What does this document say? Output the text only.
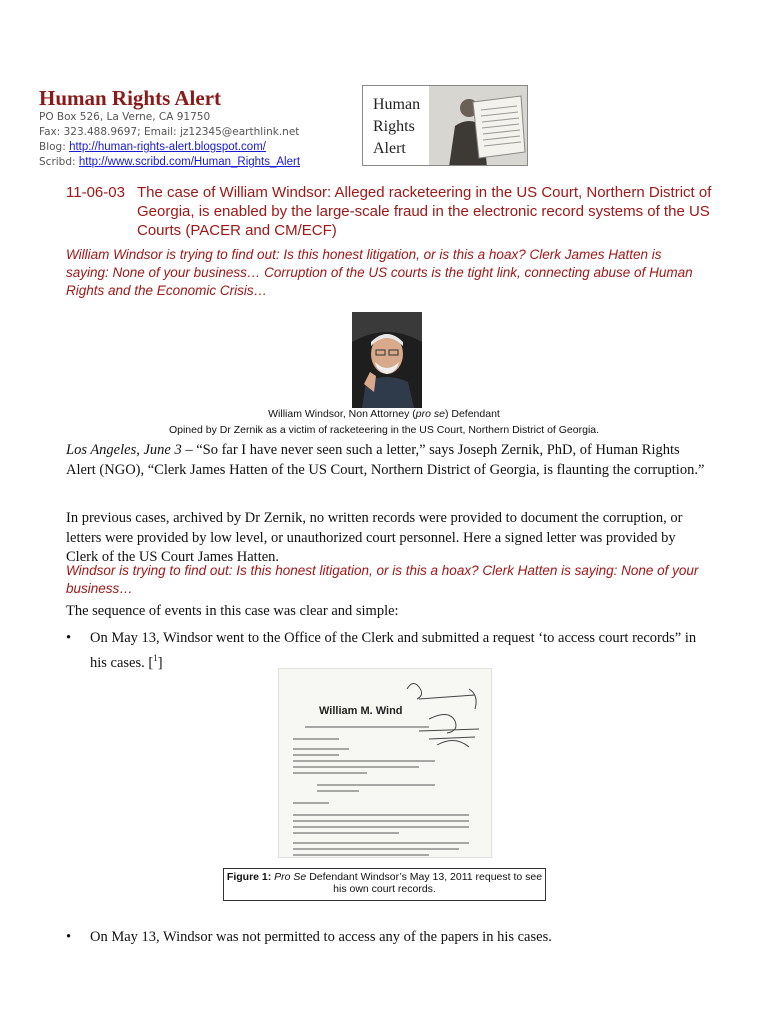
Human Rights Alert
PO Box 526, La Verne, CA 91750
Fax: 323.488.9697; Email: jz12345@earthlink.net
Blog: http://human-rights-alert.blogspot.com/
Scribd: http://www.scribd.com/Human_Rights_Alert
Human
Rights
Alert
11-06-03 The case of William Windsor: Alleged racketeering in the US Court, Northern District of Georgia, is enabled by the large-scale fraud in the electronic record systems of the US Courts (PACER and CM/ECF)
William Windsor is trying to find out: Is this honest litigation, or is this a hoax? Clerk James Hatten is saying: None of your business… Corruption of the US courts is the tight link, connecting abuse of Human Rights and the Economic Crisis…
William Windsor, Non Attorney (pro se) Defendant
Opined by Dr Zernik as a victim of racketeering in the US Court, Northern District of Georgia.
Los Angeles, June 3 – “So far I have never seen such a letter,” says Joseph Zernik, PhD, of Human Rights Alert (NGO), “Clerk James Hatten of the US Court, Northern District of Georgia, is flaunting the corruption.”
In previous cases, archived by Dr Zernik, no written records were provided to document the corruption, or letters were provided by low level, or unauthorized court personnel. Here a signed letter was provided by Clerk of the US Court James Hatten.
Windsor is trying to find out: Is this honest litigation, or is this a hoax? Clerk Hatten is saying: None of your business…
The sequence of events in this case was clear and simple:
•	On May 13, Windsor went to the Office of the Clerk and submitted a request ‘to access court records” in his cases. [$^1$]
William M. Wind
Figure 1: Pro Se Defendant Windsor’s May 13, 2011 request to see his own court records.
•	On May 13, Windsor was not permitted to access any of the papers in his cases.
